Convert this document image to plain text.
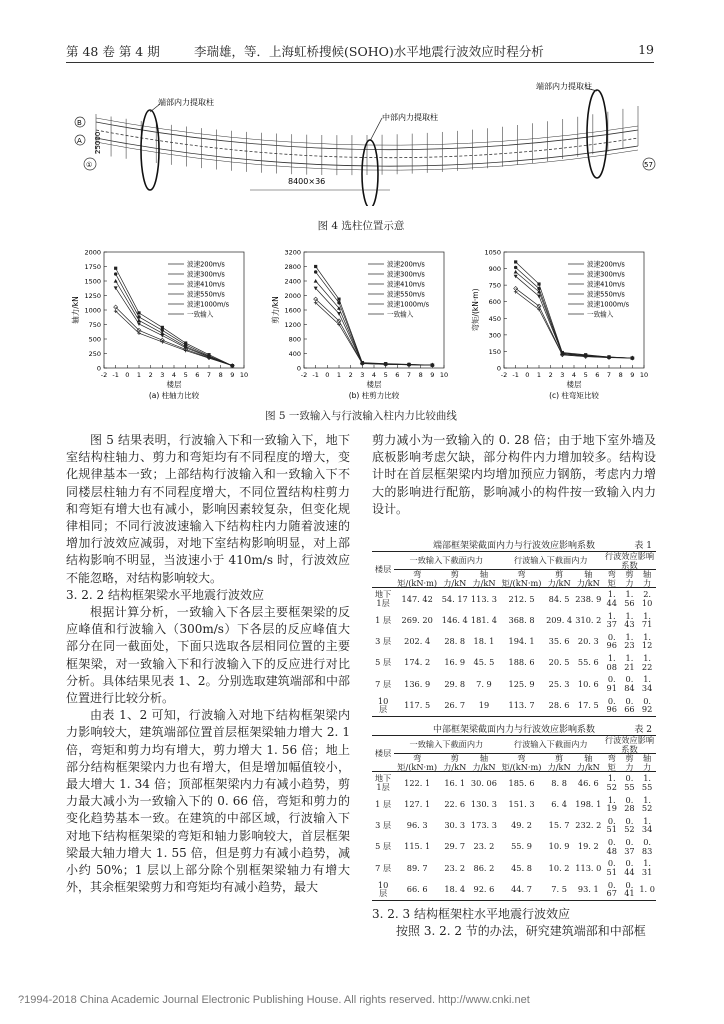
第 48 卷 第 4 期	李瑞雄，等．上海虹桥搜候(SOHO)水平地震行波效应时程分析	19
端部内力提取柱
中部内力提取柱
端部内力提取柱
B
A 25000
①	57
8400×36
图 4 选柱位置示意
0
250
500
750
1000
1250
1500
1750
2000
-2 -1 0 1 2 3 4 5 6 7 8 9 10
楼层
轴力/kN
(a) 柱轴力比较
波速200m/s
波速300m/s
波速410m/s
波速550m/s
波速1000m/s
一致输入
0
400
800
1200
1600
2000
2400
2800
3200
-2 -1 0 1 2 3 4 5 6 7 8 9 10
楼层
剪力/kN
(b) 柱剪力比较
波速200m/s
波速300m/s
波速410m/s
波速550m/s
波速1000m/s
一致输入
0
150
300
450
600
750
900
1050
-2 -1 0 1 2 3 4 5 6 7 8 9 10
楼层
弯矩/(kN·m)
(c) 柱弯矩比较
波速200m/s
波速300m/s
波速410m/s
波速550m/s
波速1000m/s
一致输入
图 5 一致输入与行波输入柱内力比较曲线

图 5 结果表明，行波输入下和一致输入下，地下室结构柱轴力、剪力和弯矩均有不同程度的增大，变化规律基本一致；上部结构行波输入和一致输入下不同楼层柱轴力有不同程度增大，不同位置结构柱剪力和弯矩有增大也有减小，影响因素较复杂，但变化规律相同；不同行波波速输入下结构柱内力随着波速的增加行波效应减弱，对地下室结构影响明显，对上部结构影响不明显，当波速小于 410m/s 时，行波效应不能忽略，对结构影响较大。

3. 2. 2 结构框架梁水平地震行波效应

根据计算分析，一致输入下各层主要框架梁的反应峰值和行波输入（300m/s）下各层的反应峰值大部分在同一截面处，下面只选取各层相同位置的主要框架梁，对一致输入下和行波输入下的反应进行对比分析。具体结果见表 1、2。分别选取建筑端部和中部位置进行比较分析。

由表 1、2 可知，行波输入对地下结构框架梁内力影响较大，建筑端部位置首层框架梁轴力增大 2. 1 倍，弯矩和剪力均有增大，剪力增大 1. 56 倍；地上部分结构框架梁内力也有增大，但是增加幅值较小，最大增大 1. 34 倍；顶部框架梁内力有减小趋势，剪力最大减小为一致输入下的 0. 66 倍，弯矩和剪力的变化趋势基本一致。在建筑的中部区域，行波输入下对地下结构框架梁的弯矩和轴力影响较大，首层框架梁最大轴力增大 1. 55 倍，但是剪力有减小趋势，减小约 50%；1 层以上部分除个别框架梁轴力有增大外，其余框架梁剪力和弯矩均有减小趋势，最大

剪力减小为一致输入的 0. 28 倍；由于地下室外墙及底板影响考虑欠缺，部分构件内力增加较多。结构设计时在首层框架梁内均增加预应力钢筋，考虑内力增大的影响进行配筋，影响减小的构件按一致输入内力设计。

端部框架梁截面内力与行波效应影响系数	表 1
楼层	一致输入下截面内力			行波输入下截面内力			行波效应影响系数		
	弯矩/(kN·m)	剪力/kN	轴力/kN	弯矩/(kN·m)	剪力/kN	轴力/kN	弯矩	剪力	轴力
地下1层	147. 42	54. 17	113. 3	212. 5	84. 5	238. 9	1. 44	1. 56	2. 10
1 层	269. 20	146. 4	181. 4	368. 8	209. 4	310. 2	1. 37	1. 43	1. 71
3 层	202. 4	28. 8	18. 1	194. 1	35. 6	20. 3	0. 96	1. 23	1. 12
5 层	174. 2	16. 9	45. 5	188. 6	20. 5	55. 6	1. 08	1. 21	1. 22
7 层	136. 9	29. 8	7. 9	125. 9	25. 3	10. 6	0. 91	0. 84	1. 34
10 层	117. 5	26. 7	19	113. 7	28. 6	17. 5	0. 96	0. 66	0. 92
中部框架梁截面内力与行波效应影响系数	表 2
楼层	一致输入下截面内力			行波输入下截面内力			行波效应影响系数		
	弯矩/(kN·m)	剪力/kN	轴力/kN	弯矩/(kN·m)	剪力/kN	轴力/kN	弯矩	剪力	轴力
地下1层	122. 1	16. 1	30. 06	185. 6	8. 8	46. 6	1. 52	0. 55	1. 55
1 层	127. 1	22. 6	130. 3	151. 3	6. 4	198. 1	1. 19	0. 28	1. 52
3 层	96. 3	30. 3	173. 3	49. 2	15. 7	232. 2	0. 51	0. 52	1. 34
5 层	115. 1	29. 7	23. 2	55. 9	10. 9	19. 2	0. 48	0. 37	0. 83
7 层	89. 7	23. 2	86. 2	45. 8	10. 2	113. 0	0. 51	0. 44	1. 31
10 层	66. 6	18. 4	92. 6	44. 7	7. 5	93. 1	0. 67	0. 41	1. 0

3. 2. 3 结构框架柱水平地震行波效应

按照 3. 2. 2 节的办法，研究建筑端部和中部框

?1994-2018 China Academic Journal Electronic Publishing House. All rights reserved. http://www.cnki.net
